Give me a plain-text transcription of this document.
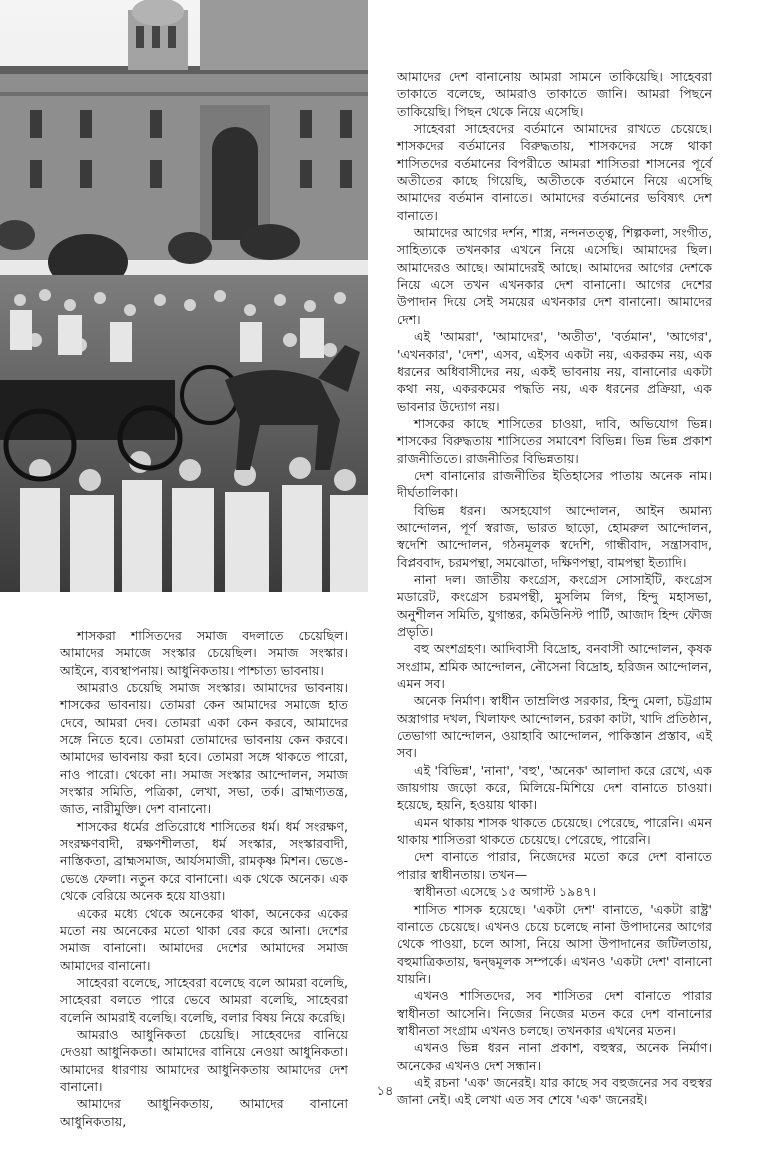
শাসকরা শাসিতদের সমাজ বদলাতে চেয়েছিল। আমাদের সমাজে সংস্কার চেয়েছিল। সমাজ সংস্কার। আইনে, ব্যবস্থাপনায়। আধুনিকতায়। পাশ্চাত্য ভাবনায়।

আমরাও চেয়েছি সমাজ সংস্কার। আমাদের ভাবনায়। শাসকের ভাবনায়। তোমরা কেন আমাদের সমাজে হাত দেবে, আমরা দেব। তোমরা একা কেন করবে, আমাদের সঙ্গে নিতে হবে। তোমরা তোমাদের ভাবনায় কেন করবে। আমাদের ভাবনায় করা হবে। তোমরা সঙ্গে থাকতে পারো, নাও পারো। থেকো না। সমাজ সংস্কার আন্দোলন, সমাজ সংস্কার সমিতি, পত্রিকা, লেখা, সভা, তর্ক। ব্রাহ্মণ্যতন্ত্র, জাত, নারীমুক্তি। দেশ বানানো।

শাসকের ধর্মের প্রতিরোধে শাসিতের ধর্ম। ধর্ম সংরক্ষণ, সংরক্ষণবাদী, রক্ষণশীলতা, ধর্ম সংস্কার, সংস্কারবাদী, নাস্তিকতা, ব্রাহ্মসমাজ, আর্যসমাজী, রামকৃষ্ণ মিশন। ভেঙে-ভেঙে ফেলা। নতুন করে বানানো। এক থেকে অনেক। এক থেকে বেরিয়ে অনেক হয়ে যাওয়া।

একের মধ্যে থেকে অনেকের থাকা, অনেকের একের মতো নয় অনেকের মতো থাকা বের করে আনা। দেশের সমাজ বানানো। আমাদের দেশের আমাদের সমাজ আমাদের বানানো।

সাহেবরা বলেছে, সাহেবরা বলেছে বলে আমরা বলেছি, সাহেবরা বলতে পারে ভেবে আমরা বলেছি, সাহেবরা বলেনি আমরাই বলেছি। বলেছি, বলার বিষয় নিয়ে করেছি।

আমরাও আধুনিকতা চেয়েছি। সাহেবদের বানিয়ে দেওয়া আধুনিকতা। আমাদের বানিয়ে নেওয়া আধুনিকতা। আমাদের ধারণায় আমাদের আধুনিকতায় আমাদের দেশ বানানো।

আমাদের আধুনিকতায়, আমাদের বানানো আধুনিকতায়,

আমাদের দেশ বানানোয় আমরা সামনে তাকিয়েছি। সাহেবরা তাকাতে বলেছে, আমরাও তাকাতে জানি। আমরা পিছনে তাকিয়েছি। পিছন থেকে নিয়ে এসেছি।

সাহেবরা সাহেবদের বর্তমানে আমাদের রাখতে চেয়েছে। শাসকদের বর্তমানের বিরুদ্ধতায়, শাসকদের সঙ্গে থাকা শাসিতদের বর্তমানের বিপরীতে আমরা শাসিতরা শাসনের পূর্বে অতীতের কাছে গিয়েছি, অতীতকে বর্তমানে নিয়ে এসেছি আমাদের বর্তমান বানাতে। আমাদের বর্তমানের ভবিষ্যৎ দেশ বানাতে।

আমাদের আগের দর্শন, শাস্ত্র, নন্দনতত্ত্ব, শিল্পকলা, সংগীত, সাহিত্যকে তখনকার এখনে নিয়ে এসেছি। আমাদের ছিল। আমাদেরও আছে। আমাদেরই আছে। আমাদের আগের দেশকে নিয়ে এসে তখন এখনকার দেশ বানানো। আগের দেশের উপাদান দিয়ে সেই সময়ের এখনকার দেশ বানানো। আমাদের দেশ।

এই 'আমরা', 'আমাদের', 'অতীত', 'বর্তমান', 'আগের', 'এখনকার', 'দেশ', এসব, এইসব একটা নয়, একরকম নয়, এক ধরনের অধিবাসীদের নয়, একই ভাবনায় নয়, বানানোর একটা কথা নয়, একরকমের পদ্ধতি নয়, এক ধরনের প্রক্রিয়া, এক ভাবনার উদ্যোগ নয়।

শাসকের কাছে শাসিতের চাওয়া, দাবি, অভিযোগ ভিন্ন। শাসকের বিরুদ্ধতায় শাসিতের সমাবেশ বিভিন্ন। ভিন্ন ভিন্ন প্রকাশ রাজনীতিতে। রাজনীতির বিভিন্নতায়।

দেশ বানানোর রাজনীতির ইতিহাসের পাতায় অনেক নাম। দীর্ঘতালিকা।

বিভিন্ন ধরন। অসহযোগ আন্দোলন, আইন অমান্য আন্দোলন, পূর্ণ স্বরাজ, ভারত ছাড়ো, হোমরুল আন্দোলন, স্বদেশি আন্দোলন, গঠনমূলক স্বদেশি, গান্ধীবাদ, সন্ত্রাসবাদ, বিপ্লববাদ, চরমপন্থা, সমঝোতা, দক্ষিণপন্থা, বামপন্থা ইত্যাদি।

নানা দল। জাতীয় কংগ্রেস, কংগ্রেস সোসাইটি, কংগ্রেস মডারেট, কংগ্রেস চরমপন্থী, মুসলিম লিগ, হিন্দু মহাসভা, অনুশীলন সমিতি, যুগান্তর, কমিউনিস্ট পার্টি, আজাদ হিন্দ ফৌজ প্রভৃতি।

বহু অংশগ্রহণ। আদিবাসী বিদ্রোহ, বনবাসী আন্দোলন, কৃষক সংগ্রাম, শ্রমিক আন্দোলন, নৌসেনা বিদ্রোহ, হরিজন আন্দোলন, এমন সব।

অনেক নির্মাণ। স্বাধীন তাম্রলিপ্ত সরকার, হিন্দু মেলা, চট্টগ্রাম অস্ত্রাগার দখল, খিলাফৎ আন্দোলন, চরকা কাটা, খাদি প্রতিষ্ঠান, তেভাগা আন্দোলন, ওয়াহাবি আন্দোলন, পাকিস্তান প্রস্তাব, এই সব।

এই 'বিভিন্ন', 'নানা', 'বহু', 'অনেক' আলাদা করে রেখে, এক জায়গায় জড়ো করে, মিলিয়ে-মিশিয়ে দেশ বানাতে চাওয়া। হয়েছে, হয়নি, হওয়ায় থাকা।

এমন থাকায় শাসক থাকতে চেয়েছে। পেরেছে, পারেনি। এমন থাকায় শাসিতরা থাকতে চেয়েছে। পেরেছে, পারেনি।

দেশ বানাতে পারার, নিজেদের মতো করে দেশ বানাতে পারার স্বাধীনতায়। তখন—

স্বাধীনতা এসেছে ১৫ অগাস্ট ১৯৪৭।

শাসিত শাসক হয়েছে। 'একটা দেশ' বানাতে, 'একটা রাষ্ট্র' বানাতে চেয়েছে। এখনও চেয়ে চলেছে নানা উপাদানের আগের থেকে পাওয়া, চলে আসা, নিয়ে আসা উপাদানের জটিলতায়, বহুমাত্রিকতায়, দ্বন্দ্বমূলক সম্পর্কে। এখনও 'একটা দেশ' বানানো যায়নি।

এখনও শাসিতদের, সব শাসিতর দেশ বানাতে পারার স্বাধীনতা আসেনি। নিজের নিজের মতন করে দেশ বানানোর স্বাধীনতা সংগ্রাম এখনও চলছে। তখনকার এখনের মতন।

এখনও ভিন্ন ধরন নানা প্রকাশ, বহুস্বর, অনেক নির্মাণ। অনেকের এখনও দেশ সন্ধান।

এই রচনা 'এক' জনেরই। যার কাছে সব বহুজনের সব বহুস্বর জানা নেই। এই লেখা এত সব শেষে 'এক' জনেরই।

১৪
